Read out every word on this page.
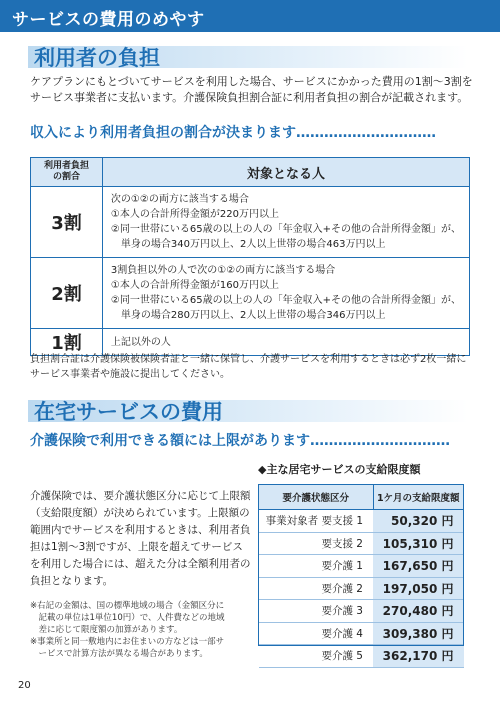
サービスの費用のめやす
利用者の負担
ケアプランにもとづいてサービスを利用した場合、サービスにかかった費用の1割～3割を
サービス事業者に支払います。介護保険負担割合証に利用者負担の割合が記載されます。
収入により利用者負担の割合が決まります…………………………
利用者負担
の割合	対象となる人
3割	次の①②の両方に該当する場合
①本人の合計所得金額が220万円以上
②同一世帯にいる65歳の以上の人の「年金収入+その他の合計所得金額」が、
　単身の場合340万円以上、2人以上世帯の場合463万円以上

2割	3割負担以外の人で次の①②の両方に該当する場合
①本人の合計所得金額が160万円以上
②同一世帯にいる65歳の以上の人の「年金収入+その他の合計所得金額」が、
　単身の場合280万円以上、2人以上世帯の場合346万円以上

1割	上記以外の人
負担割合証は介護保険被保険者証と一緒に保管し、介護サービスを利用するときは必ず2枚一緒に
サービス事業者や施設に提出してください。
在宅サービスの費用
介護保険で利用できる額には上限があります…………………………
介護保険では、要介護状態区分に応じて上限額
（支給限度額）が決められています。上限額の
範囲内でサービスを利用するときは、利用者負
担は1割～3割ですが、上限を超えてサービス
を利用した場合には、超えた分は全額利用者の
負担となります。
※右記の金額は、国の標準地域の場合（金額区分に
　記載の単位は1単位10円）で、人件費などの地域
　差に応じて限度額の加算があります。
※事業所と同一敷地内にお住まいの方などは一部サ
　ービスで計算方法が異なる場合があります。
◆主な居宅サービスの支給限度額
要介護状態区分	1ケ月の支給限度額
事業対象者 要支援 1	50,320 円
要支援 2	105,310 円
要介護 1	167,650 円
要介護 2	197,050 円
要介護 3	270,480 円
要介護 4	309,380 円
要介護 5	362,170 円
20
